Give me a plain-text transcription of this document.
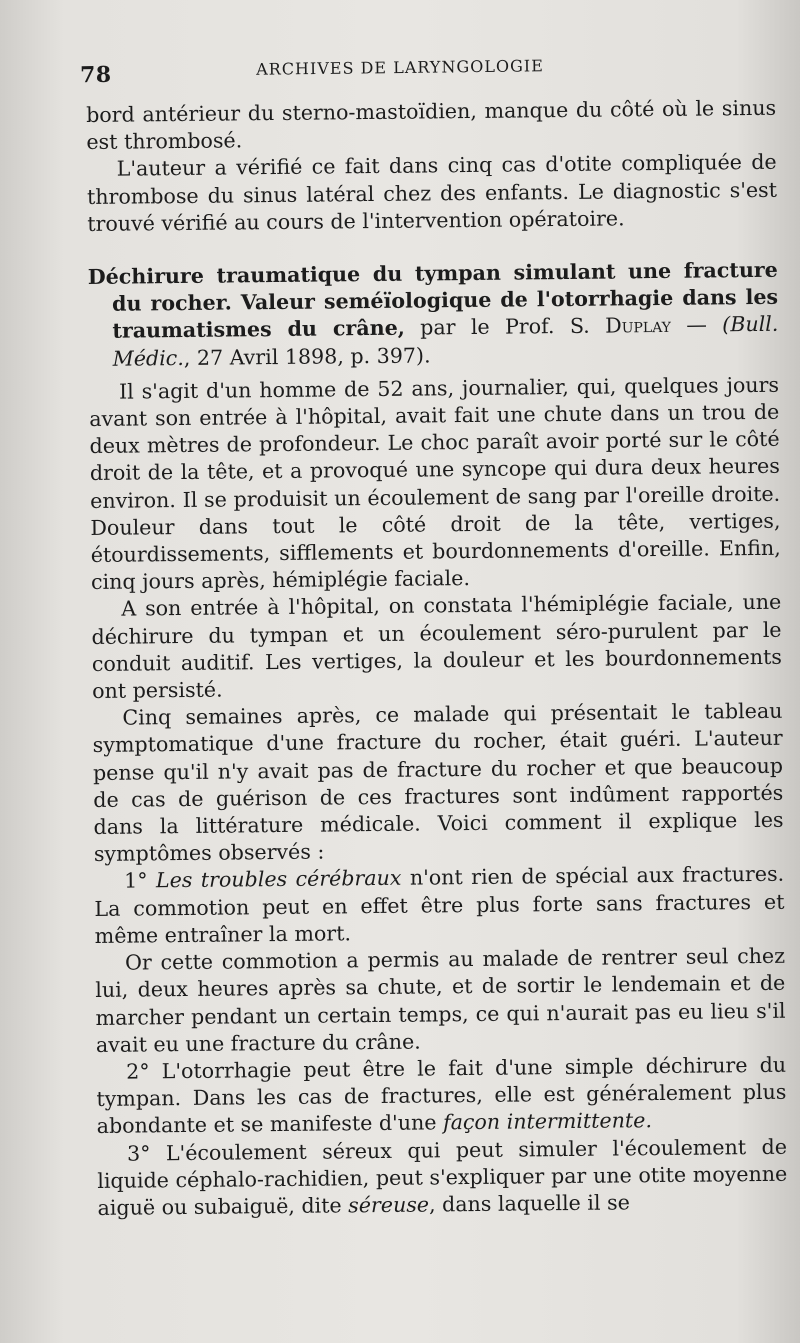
78	ARCHIVES DE LARYNGOLOGIE

bord antérieur du sterno-mastoïdien, manque du côté où le sinus est thrombosé.

L'auteur a vérifié ce fait dans cinq cas d'otite compliquée de thrombose du sinus latéral chez des enfants. Le diagnostic s'est trouvé vérifié au cours de l'intervention opératoire.

Déchirure traumatique du tympan simulant une fracture du rocher. Valeur seméïologique de l'otorrhagie dans les traumatismes du crâne, par le Prof. S. Duplay — (Bull. Médic., 27 Avril 1898, p. 397).

Il s'agit d'un homme de 52 ans, journalier, qui, quelques jours avant son entrée à l'hôpital, avait fait une chute dans un trou de deux mètres de profondeur. Le choc paraît avoir porté sur le côté droit de la tête, et a provoqué une syncope qui dura deux heures environ. Il se produisit un écoulement de sang par l'oreille droite. Douleur dans tout le côté droit de la tête, vertiges, étourdissements, sifflements et bourdonnements d'oreille. Enfin, cinq jours après, hémiplégie faciale.

A son entrée à l'hôpital, on constata l'hémiplégie faciale, une déchirure du tympan et un écoulement séro-purulent par le conduit auditif. Les vertiges, la douleur et les bourdonnements ont persisté.

Cinq semaines après, ce malade qui présentait le tableau symptomatique d'une fracture du rocher, était guéri. L'auteur pense qu'il n'y avait pas de fracture du rocher et que beaucoup de cas de guérison de ces fractures sont indûment rapportés dans la littérature médicale. Voici comment il explique les symptômes observés :

1° Les troubles cérébraux n'ont rien de spécial aux fractures. La commotion peut en effet être plus forte sans fractures et même entraîner la mort.

Or cette commotion a permis au malade de rentrer seul chez lui, deux heures après sa chute, et de sortir le lendemain et de marcher pendant un certain temps, ce qui n'aurait pas eu lieu s'il avait eu une fracture du crâne.

2° L'otorrhagie peut être le fait d'une simple déchirure du tympan. Dans les cas de fractures, elle est généralement plus abondante et se manifeste d'une façon intermittente.

3° L'écoulement séreux qui peut simuler l'écoulement de liquide céphalo-rachidien, peut s'expliquer par une otite moyenne aiguë ou subaiguë, dite séreuse, dans laquelle il se
